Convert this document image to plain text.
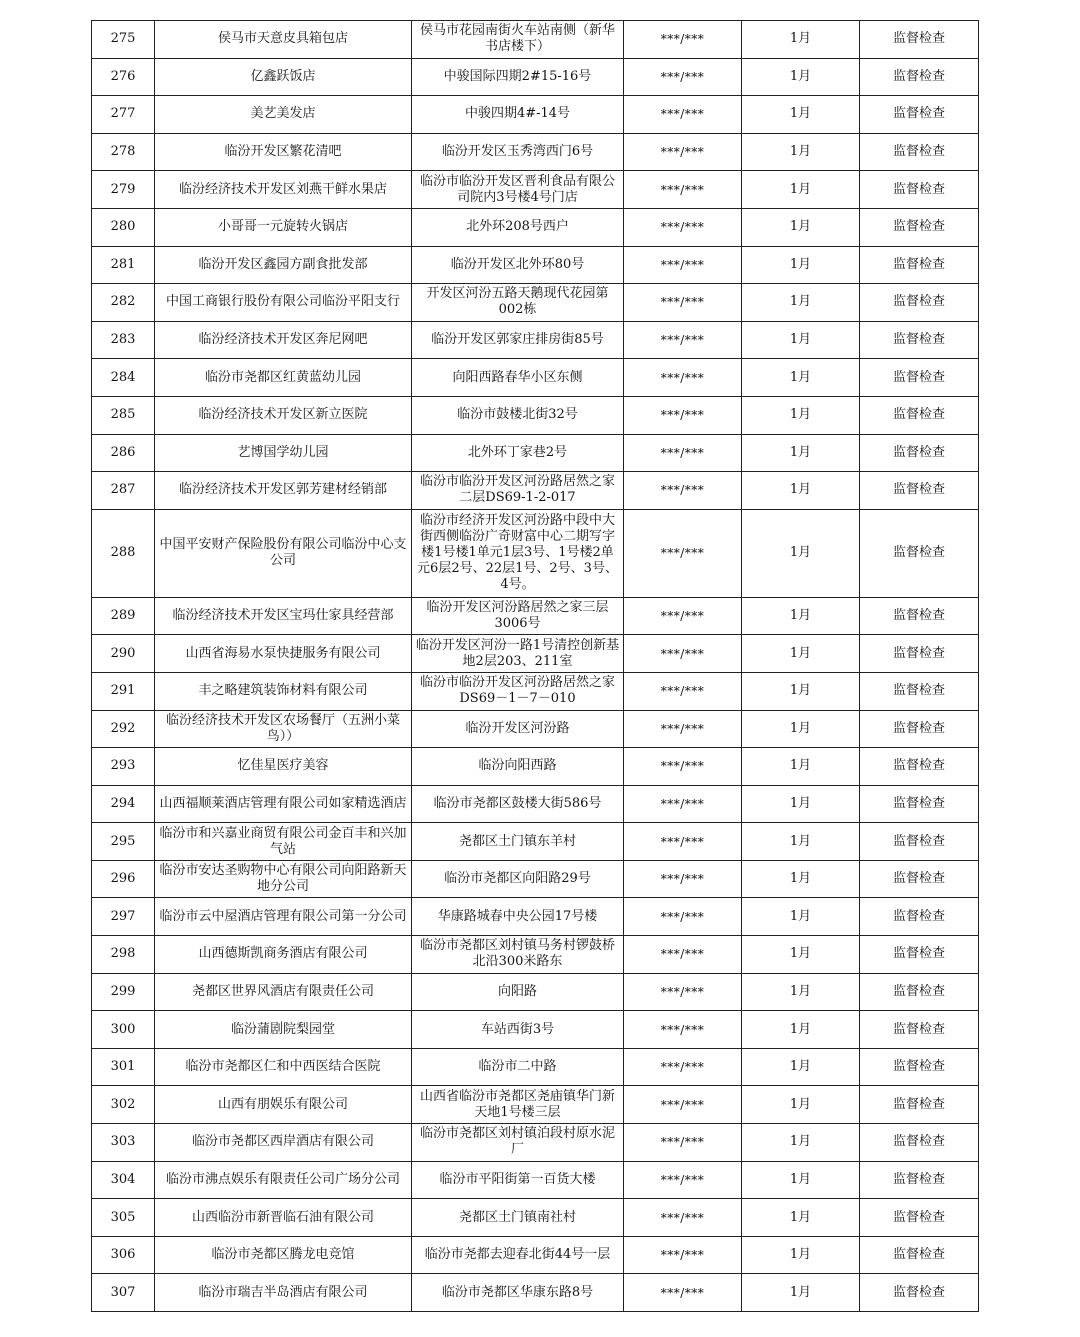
275	侯马市天意皮具箱包店	侯马市花园南街火车站南侧（新华书店楼下）	***/***	1月	监督检查
276	亿鑫跃饭店	中骏国际四期2#15-16号	***/***	1月	监督检查
277	美艺美发店	中骏四期4#-14号	***/***	1月	监督检查
278	临汾开发区繁花清吧	临汾开发区玉秀湾西门6号	***/***	1月	监督检查
279	临汾经济技术开发区刘燕干鲜水果店	临汾市临汾开发区晋利食品有限公司院内3号楼4号门店	***/***	1月	监督检查
280	小哥哥一元旋转火锅店	北外环208号西户	***/***	1月	监督检查
281	临汾开发区鑫园方副食批发部	临汾开发区北外环80号	***/***	1月	监督检查
282	中国工商银行股份有限公司临汾平阳支行	开发区河汾五路天鹅现代花园第002栋	***/***	1月	监督检查
283	临汾经济技术开发区奔尼网吧	临汾开发区郭家庄排房街85号	***/***	1月	监督检查
284	临汾市尧都区红黄蓝幼儿园	向阳西路春华小区东侧	***/***	1月	监督检查
285	临汾经济技术开发区新立医院	临汾市鼓楼北街32号	***/***	1月	监督检查
286	艺博国学幼儿园	北外环丁家巷2号	***/***	1月	监督检查
287	临汾经济技术开发区郭芳建材经销部	临汾市临汾开发区河汾路居然之家二层DS69-1-2-017	***/***	1月	监督检查
288	中国平安财产保险股份有限公司临汾中心支公司	临汾市经济开发区河汾路中段中大街西侧临汾广奇财富中心二期写字楼1号楼1单元1层3号、1号楼2单元6层2号、22层1号、2号、3号、4号。	***/***	1月	监督检查
289	临汾经济技术开发区宝玛仕家具经营部	临汾开发区河汾路居然之家三层3006号	***/***	1月	监督检查
290	山西省海易水泵快捷服务有限公司	临汾开发区河汾一路1号清控创新基地2层203、211室	***/***	1月	监督检查
291	丰之略建筑装饰材料有限公司	临汾市临汾开发区河汾路居然之家DS69－1－7－010	***/***	1月	监督检查
292	临汾经济技术开发区农场餐厅（五洲小菜鸟））	临汾开发区河汾路	***/***	1月	监督检查
293	忆佳星医疗美容	临汾向阳西路	***/***	1月	监督检查
294	山西福顺莱酒店管理有限公司如家精选酒店	临汾市尧都区鼓楼大街586号	***/***	1月	监督检查
295	临汾市和兴嘉业商贸有限公司金百丰和兴加气站	尧都区土门镇东羊村	***/***	1月	监督检查
296	临汾市安达圣购物中心有限公司向阳路新天地分公司	临汾市尧都区向阳路29号	***/***	1月	监督检查
297	临汾市云中屋酒店管理有限公司第一分公司	华康路城春中央公园17号楼	***/***	1月	监督检查
298	山西德斯凯商务酒店有限公司	临汾市尧都区刘村镇马务村锣鼓桥北沿300米路东	***/***	1月	监督检查
299	尧都区世界风酒店有限责任公司	向阳路	***/***	1月	监督检查
300	临汾蒲剧院梨园堂	车站西街3号	***/***	1月	监督检查
301	临汾市尧都区仁和中西医结合医院	临汾市二中路	***/***	1月	监督检查
302	山西有朋娱乐有限公司	山西省临汾市尧都区尧庙镇华门新天地1号楼三层	***/***	1月	监督检查
303	临汾市尧都区西岸酒店有限公司	临汾市尧都区刘村镇泊段村原水泥厂	***/***	1月	监督检查
304	临汾市沸点娱乐有限责任公司广场分公司	临汾市平阳街第一百货大楼	***/***	1月	监督检查
305	山西临汾市新晋临石油有限公司	尧都区土门镇南社村	***/***	1月	监督检查
306	临汾市尧都区腾龙电竞馆	临汾市尧都去迎春北街44号一层	***/***	1月	监督检查
307	临汾市瑞吉半岛酒店有限公司	临汾市尧都区华康东路8号	***/***	1月	监督检查
